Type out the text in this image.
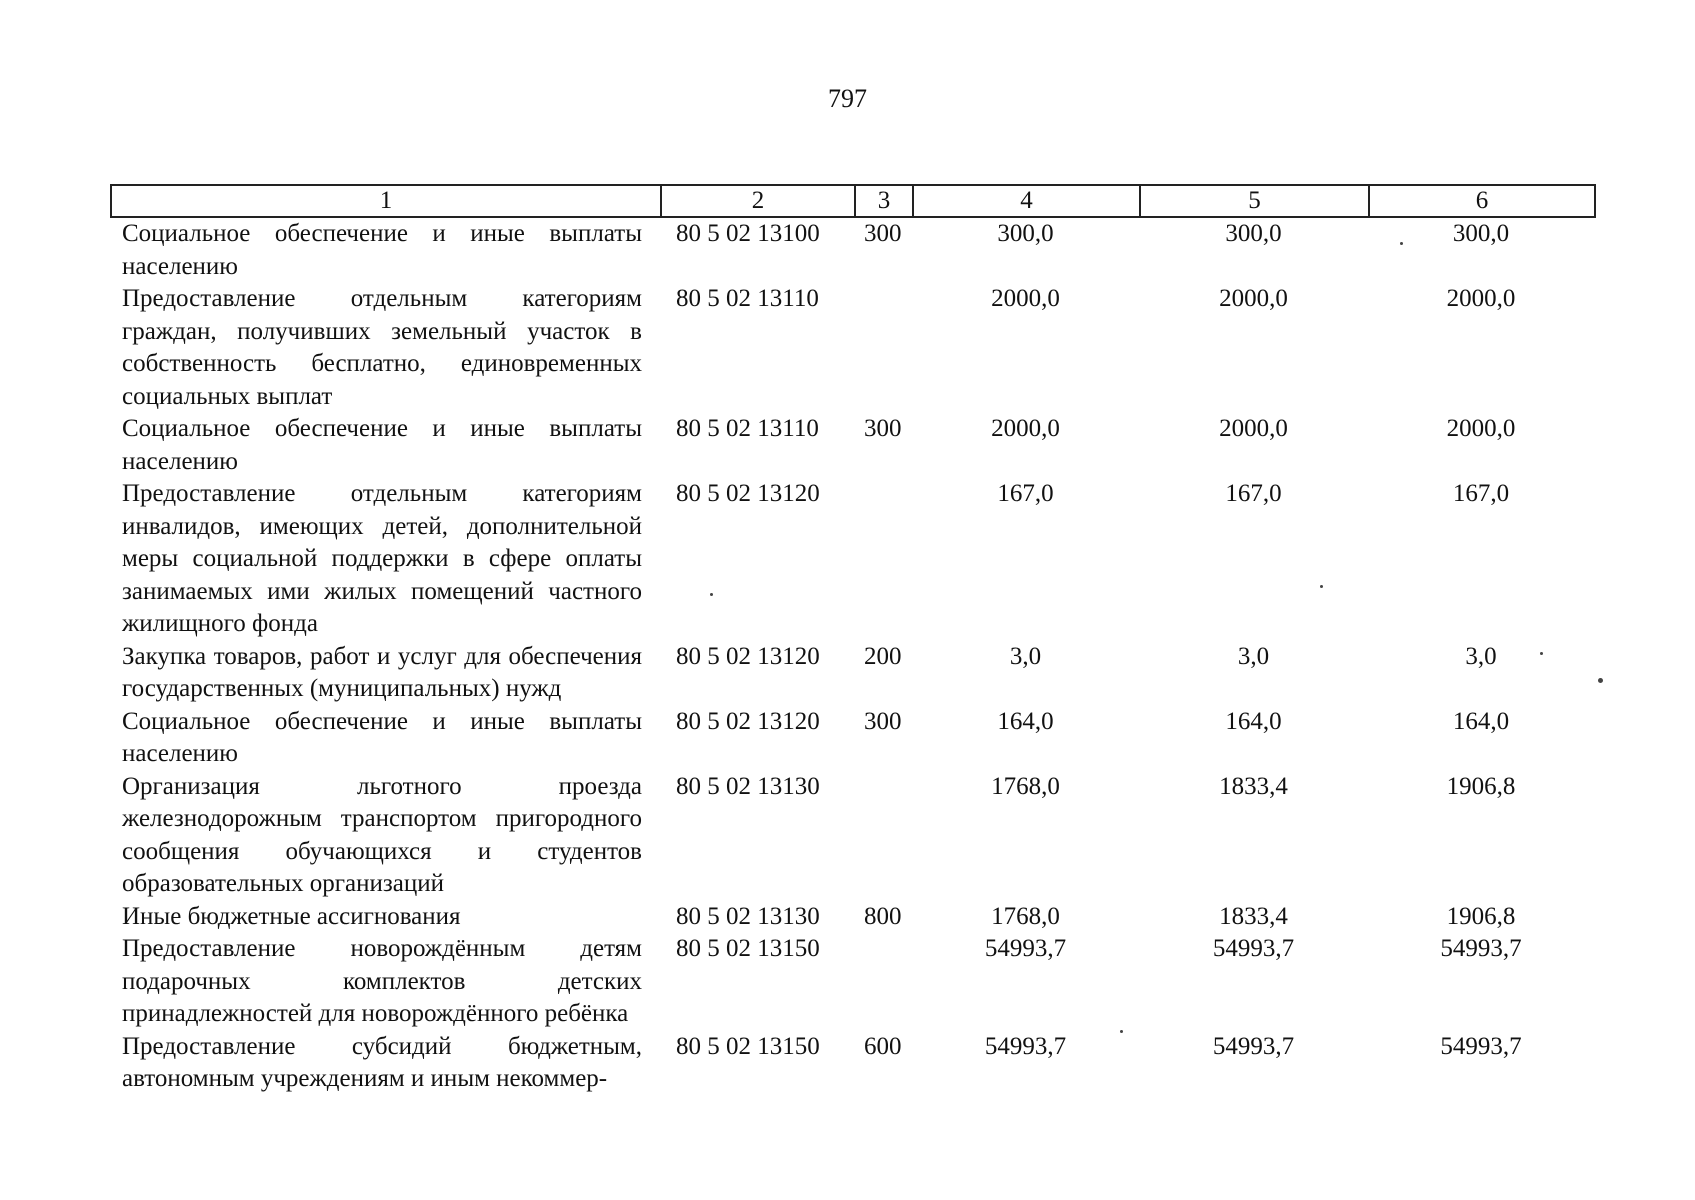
797
1	2	3	4	5	6
Социальное обеспечение и иные выплаты населению	80 5 02 13100	300	300,0	300,0	300,0
Предоставление отдельным категориям граждан, получивших земельный участок в собственность бесплатно, единовременных социальных выплат	80 5 02 13110		2000,0	2000,0	2000,0
Социальное обеспечение и иные выплаты населению	80 5 02 13110	300	2000,0	2000,0	2000,0
Предоставление отдельным категориям инвалидов, имеющих детей, дополнительной меры социальной поддержки в сфере оплаты занимаемых ими жилых помещений частного жилищного фонда	80 5 02 13120		167,0	167,0	167,0
Закупка товаров, работ и услуг для обеспечения государственных (муниципальных) нужд	80 5 02 13120	200	3,0	3,0	3,0
Социальное обеспечение и иные выплаты населению	80 5 02 13120	300	164,0	164,0	164,0
Организация льготного проезда железнодорожным транспортом пригородного сообщения обучающихся и студентов образовательных организаций	80 5 02 13130		1768,0	1833,4	1906,8
Иные бюджетные ассигнования	80 5 02 13130	800	1768,0	1833,4	1906,8
Предоставление новорождённым детям подарочных комплектов детских принадлежностей для новорождённого ребёнка	80 5 02 13150		54993,7	54993,7	54993,7
Предоставление субсидий бюджетным, автономным учреждениям и иным некоммер-	80 5 02 13150	600	54993,7	54993,7	54993,7
